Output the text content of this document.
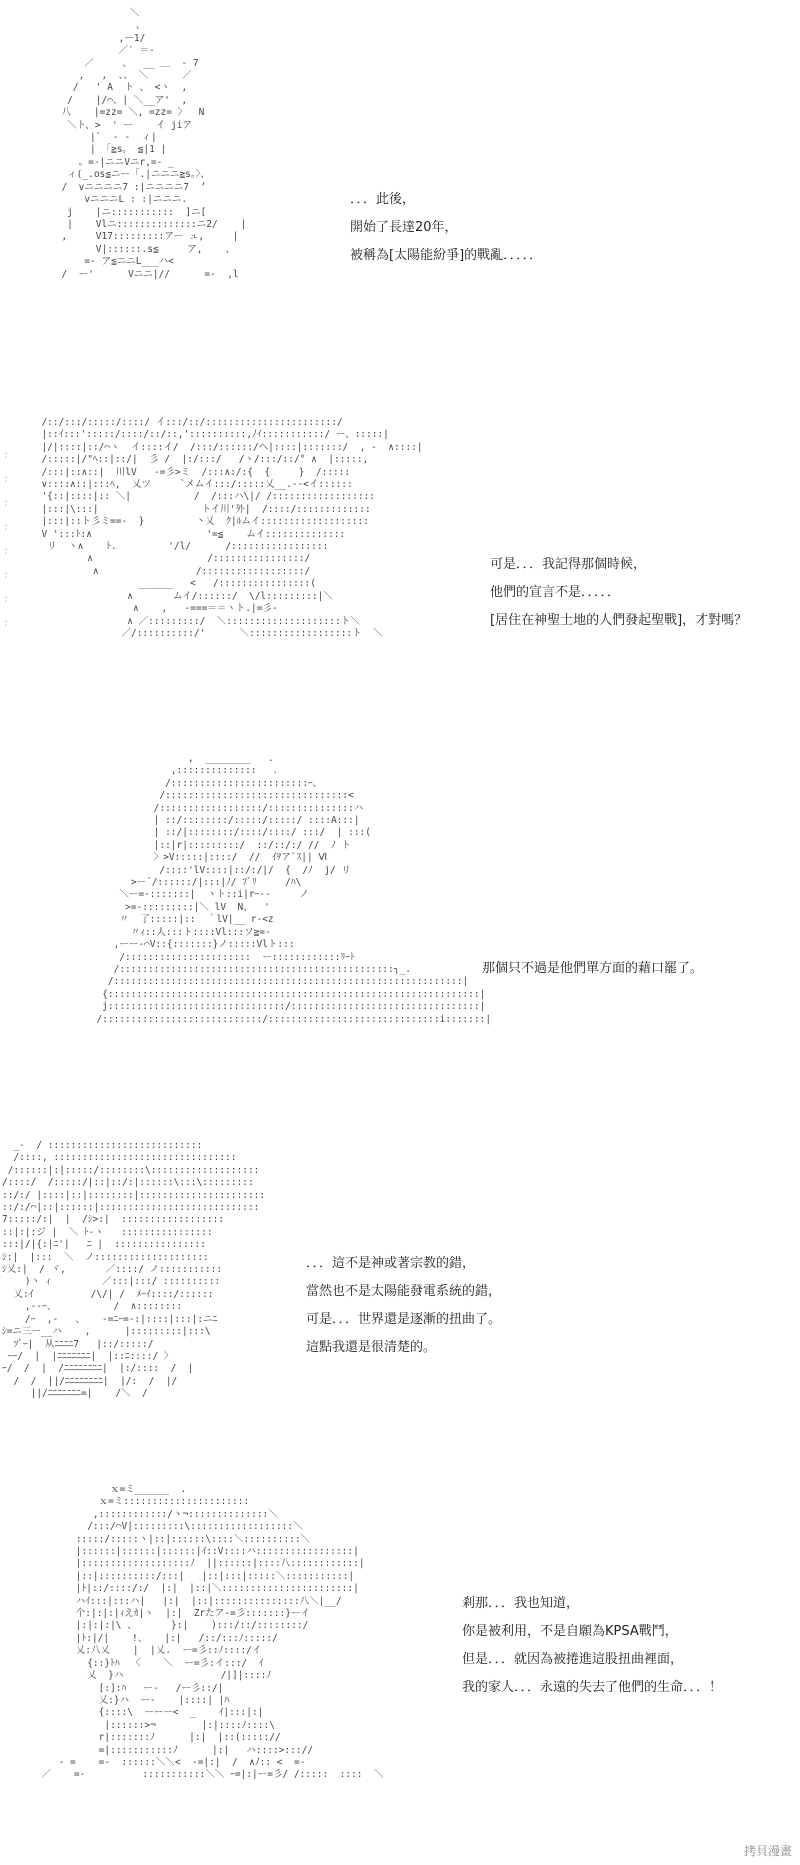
＼
、
,ー1/
／′ ＝-
／     、  __ ＿  - 7
,   ,  、、 ＼      ／
/   ' A  ト 、 <ヽ  ,
/    |/⌒、| ＼__ア'  ,
八    |=zz= ＼, =zz= 〉  N
＼ト、>  ' ー    イ jiア
|`  - -  ィ|
| 「≧s。 ≦|1 |
。=-|ニニVニr,=- _
ィ(_.os≦ニー「.|ニニニ≧s。〉、
/  vニニニニ7 :|ニニニニ7  ’
vニニニL : :|ニニニ.
j    |ニ:::::::::::  ]ニ[
|    Vlニ::::::::::::::ニ2/    |
,     V17:::::::::アー ュ,     |
V|::::::.s≦     ア,    、
=- ア≦ニニL___ハ<
/  ー'      Vニニ|//      =-  ,l
．．．此後，
開始了長達20年，
被稱為[太陽能紛爭]的戰亂．．．．．
：
：
：
：
：
：
：
：
/::/:::/:::::/::::/ イ:::/::/:::::::::::::::::::::::/
|::ｲ:::':::::/::::/::/::,'::::::::::,ﾉｲ:::::::::::/ ー、:::::|
|/|::::|::/⌒ヽ  イ::::イ/  /:::/::::::/ヘ|::::|:::::::/  , -  ∧::::|
/:::::|/"ﾍ::|::/|  彡 /  |:/:::/   /ヽ/:::/::/° ∧  |:::::,
/:::|::∧::|  川lV   -=彡>ミ  /:::∧:/:{  {     }  /:::::
∨::::∧::|:::ﾍ,  乂ツ     `メムイ:::/:::::乂__.--<イ::::::
'{::|::::|:: ＼|           /  /:::ハ\|/ /::::::::::::::::::
|:::|\:::|                  トイ川'外|  /::::/:::::::::::::
|:::|::ト彡ミ==-  }         丶乂  ｸ|ﾙムイ:::::::::::::::::::
V ':::ﾄ:∧                    '=≦    ムイ::::::::::::::
リ  ヽ∧    ﾄ.         '/l/      /:::::::::::::::::
∧                    /::::::::::::::::/
∧                 /::::::::::::::::::/
______   <   /::::::::::::::::(
∧       ムイ/::::::/  \/l:::::::::|＼
∧    ,   -===＝＝ヽト.|=彡-
∧ ／:::::::::/  ＼::::::::::::::::::::ト＼
／/::::::::::/'      ＼::::::::::::::::::ト  ＼
可是．．．我記得那個時候，
他們的宣言不是．．．．．
[居住在神聖土地的人們發起聖戰]，才對嗎？
,  ________   .
,::::::::::::::   ．
/::::::::::::::::::::::::ｰ、
/::::::::::::::::::::::::::::::::<
/::::::::::::::::::/:::::::::::::::ハ
| ::/::::::::/:::::/:::::/ ::::A:::|
| ::/|::::::::/::::/::::/ :::/  | :::(
|::|r|:::::::::/  ::/::/:/ //  ﾉ ト
〉>V:::::|::::/  //  ｲｦア`ｽ|| Ⅵ
/::::'lV::::|::/:/|/  {  /ﾉ  j/ リ
>ー´/::::::/|:::|ﾉ/ ﾌﾞﾘ     /ﾊ\
＼ー=-:::::::|  ヽト::i|rｰ-‐     ノ
>=-:::::::::|＼ lV  N、  '
〃  了:::::|::  ｀lV|__ r-<z
〃ｨ::人:::ト::::Vl:::ソ≧=-
,ーー-⌒V::{:::::::}ノ:::::Vlト:::
/::::::::::::::::::::::  ー::::::::::::ﾘｰﾄ
/::::::::::::::::::::::::::::::::::::::::::::::::┐_.
/:::::::::::::::::::::::::::::::::::::::::::::::::::::::::::::|
{:::::::::::::::::::::::::::::::::::::::::::::::::::::::::::::::::|
j:::::::::::::::::::::::::::::::/:::::::::::::::::::::::::::::::::|
/::::::::::::::::::::::::::::/::::::::::::::::::::::::::::::i:::::::|
那個只不過是他們單方面的藉口罷了。
_-  / :::::::::::::::::::::::::::
/::::, ::::::::::::::::::::::::::::::::
/::::::|:|:::::/::::::::\:::::::::::::::::::
/::::/  /:::::/|::|::/:|::::::\:::\:::::::::
::/:/ |::::|::|::::::::|::::::::::::::::::::::
::/:/⌒|::|::::::|::::::::::::::::::::::::::::
7:::::/:|  |  /ｼ>:|  ::::::::::::::::::
::|:|:ジ |  ＼ ﾄ-ヽ   ::::::::::::::::
:::|/|{:|ﾆ'|   ﾆ |  ::::::::::::::::
ｼ:|  |:::  ＼  ノ::::::::::::::::::::
ｼ乂:|  / ヾ,       ／::::/ ノ:::::::::::
)ヽ ｨ         ／:::|:::/ ::::::::::
乂:ｲ          /\/| /  ﾒｰｲ::::/::::::
,--ｰ、          /  ∧::::::::
/ｰ  ,-   、   -=ﾆｰ=-:|::::|:::|:ニﾆ
ｼ=ニ三ー__ハ    ,      |:::::::::|:::\
ﾂﾞｰ|  从ﾆﾆﾆﾆ7   |::/:::::/
ｰｰ/  |  |ﾆﾆﾆﾆﾆﾆﾆ|  |::ﾆ::::/ 〉
ｰ/  /  |  /ﾆﾆﾆﾆﾆﾆﾆﾆ|  |:/::::  /  |
/  /  ||/ﾆﾆﾆﾆﾆﾆﾆﾆ|  |/:  /  |/
||/ﾆﾆﾆﾆﾆﾆﾆ=|    /＼  /
．．．這不是神或著宗教的錯，
當然也不是太陽能發電系統的錯，
可是．．．世界還是逐漸的扭曲了。
這點我還是很清楚的。
ｘ=ミ______  .
ｘ=ミ::::::::::::::::::::::
,::::::::::::/ヽ¬::::::::::::::＼
/:::/⌒V|:::::::::\::::::::::::::::::＼
:::::/:::::ヽ|::|::::::\::::＼::::::::::＼
|::::::|::::::|::::::|ｲ::V::::ハ:::::::::::::::::|
|:::::::::::::::::::ﾉ  ||::::::|::::八::::::::::::|
|::|::::::::::/:::|   |::|:::|:::::＼:::::::::::|
|ﾄ|::/::::/:/  |:|  |::|＼:::::::::::::::::::::::|
ハｲ:::|:::ハ|   |:|  |::|:::::::::::::::八＼|__/
个:|:|:|ｨえｶ|ヽ  |:|  Zrたア-=彡:::::::}ーイ
|:|:|:|\ 、      }:|    ):::/::/::::::::/
|ﾄ:|/|    !、   |:|   /::/:::ﾉ:::::/
乂:八乂    |  |乂.  ー=彡::ﾉ::::/イ
{::}ﾄﾊ  〈    ＼  ー=彡:イ:::/  ｲ
乂  }ハ                 /|]|::::ﾉ
[:]:ﾊ   ー-   /ー彡::/|
乂:}ハ  ー-    |::::| |ﾊ
{::::\  ーーー<  _    ｲ|:::|:|
|::::::>¬        |:|::::ﾉ::::\
r|:::::::ﾉ      |:|  |::(::::://
=|:::::::::::ﾉ      |:|   ハ::::>::://
- =    =-  ::::::＼＼<  -=|:|  /  ∧ﾉ:: <  =-
／    =-          :::::::::::＼＼ ｰ=|:|ー=彡/ /:::::  ::::  ＼
剎那．．．我也知道，
你是被利用，不是自願為KPSA戰鬥，
但是．．．就因為被捲進這股扭曲裡面，
我的家人．．．永遠的失去了他們的生命．．．！
拷貝漫畫
